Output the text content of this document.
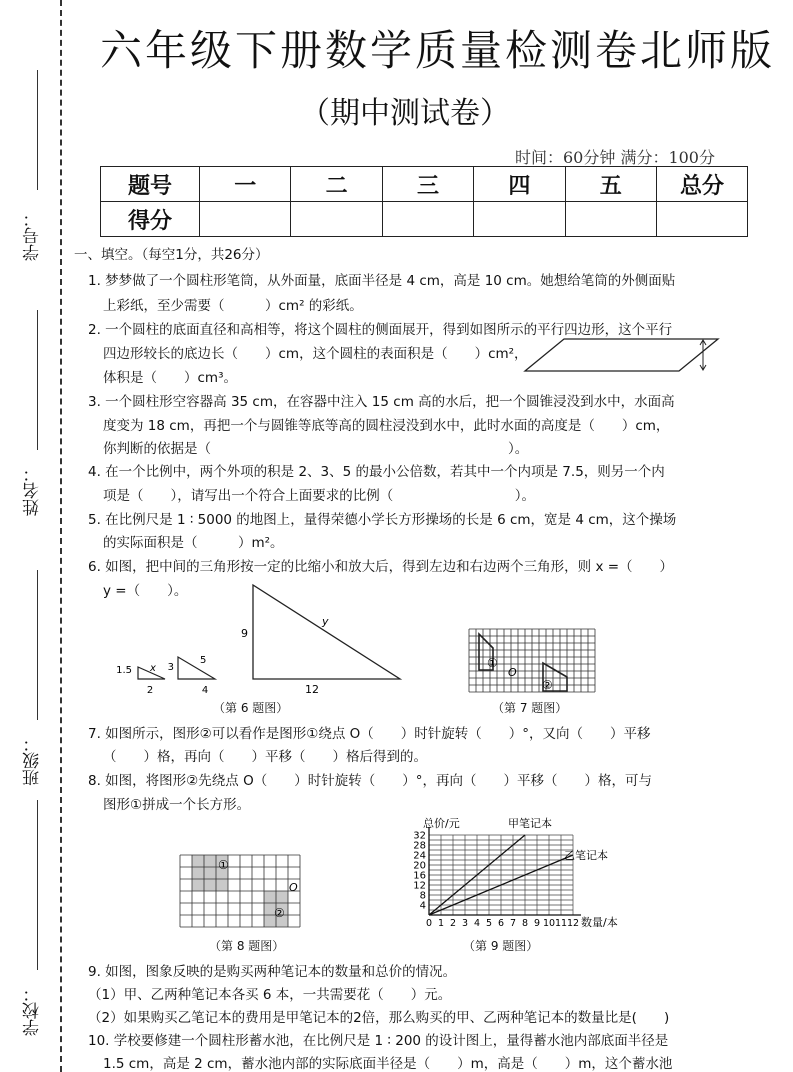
学号：
姓名：
班级：
学校：
六年级下册数学质量检测卷北师版
（期中测试卷）
时间：60分钟 满分：100分
题号	一	二	三	四	五	总分
得分						
一、填空。（每空1分，共26分）
1. 梦梦做了一个圆柱形笔筒，从外面量，底面半径是 4 cm，高是 10 cm。她想给笔筒的外侧面贴
上彩纸，至少需要（　　　）cm² 的彩纸。
2. 一个圆柱的底面直径和高相等，将这个圆柱的侧面展开，得到如图所示的平行四边形，这个平行
四边形较长的底边长（　　）cm，这个圆柱的表面积是（　　）cm²，
体积是（　　）cm³。
3. 一个圆柱形空容器高 35 cm，在容器中注入 15 cm 高的水后，把一个圆锥浸没到水中，水面高
度变为 18 cm，再把一个与圆锥等底等高的圆柱浸没到水中，此时水面的高度是（　　）cm，
你判断的依据是（　　　　　　　　　　　　　　　　　　　　　　）。
4. 在一个比例中，两个外项的积是 2、3、5 的最小公倍数，若其中一个内项是 7.5，则另一个内
项是（　　），请写出一个符合上面要求的比例（　　　　　　　　　）。
5. 在比例尺是 1 ∶ 5000 的地图上，量得荣德小学长方形操场的长是 6 cm，宽是 4 cm，这个操场
的实际面积是（　　　）m²。
6. 如图，把中间的三角形按一定的比缩小和放大后，得到左边和右边两个三角形，则 x =（　　）
y =（　　）。
1.5 x
2
3
5
4
9
y
12
（第 6 题图）
①
O
②
（第 7 题图）
7. 如图所示，图形②可以看作是图形①绕点 O（　　）时针旋转（　　）°，又向（　　）平移
（　　）格，再向（　　）平移（　　）格后得到的。
8. 如图，将图形②先绕点 O（　　）时针旋转（　　）°，再向（　　）平移（　　）格，可与
图形①拼成一个长方形。
①
O
②
（第 8 题图）
4
8
12
16
20
24
28
32
0 1 2 3 4 5 6 7 8 9 10 11 12
总价/元
数量/本
甲笔记本
乙笔记本
（第 9 题图）
9. 如图，图象反映的是购买两种笔记本的数量和总价的情况。
（1）甲、乙两种笔记本各买 6 本，一共需要花（　　）元。
（2）如果购买乙笔记本的费用是甲笔记本的2倍，那么购买的甲、乙两种笔记本的数量比是(　　)
10. 学校要修建一个圆柱形蓄水池，在比例尺是 1 ∶ 200 的设计图上，量得蓄水池内部底面半径是
1.5 cm，高是 2 cm，蓄水池内部的实际底面半径是（　　）m，高是（　　）m，这个蓄水池
